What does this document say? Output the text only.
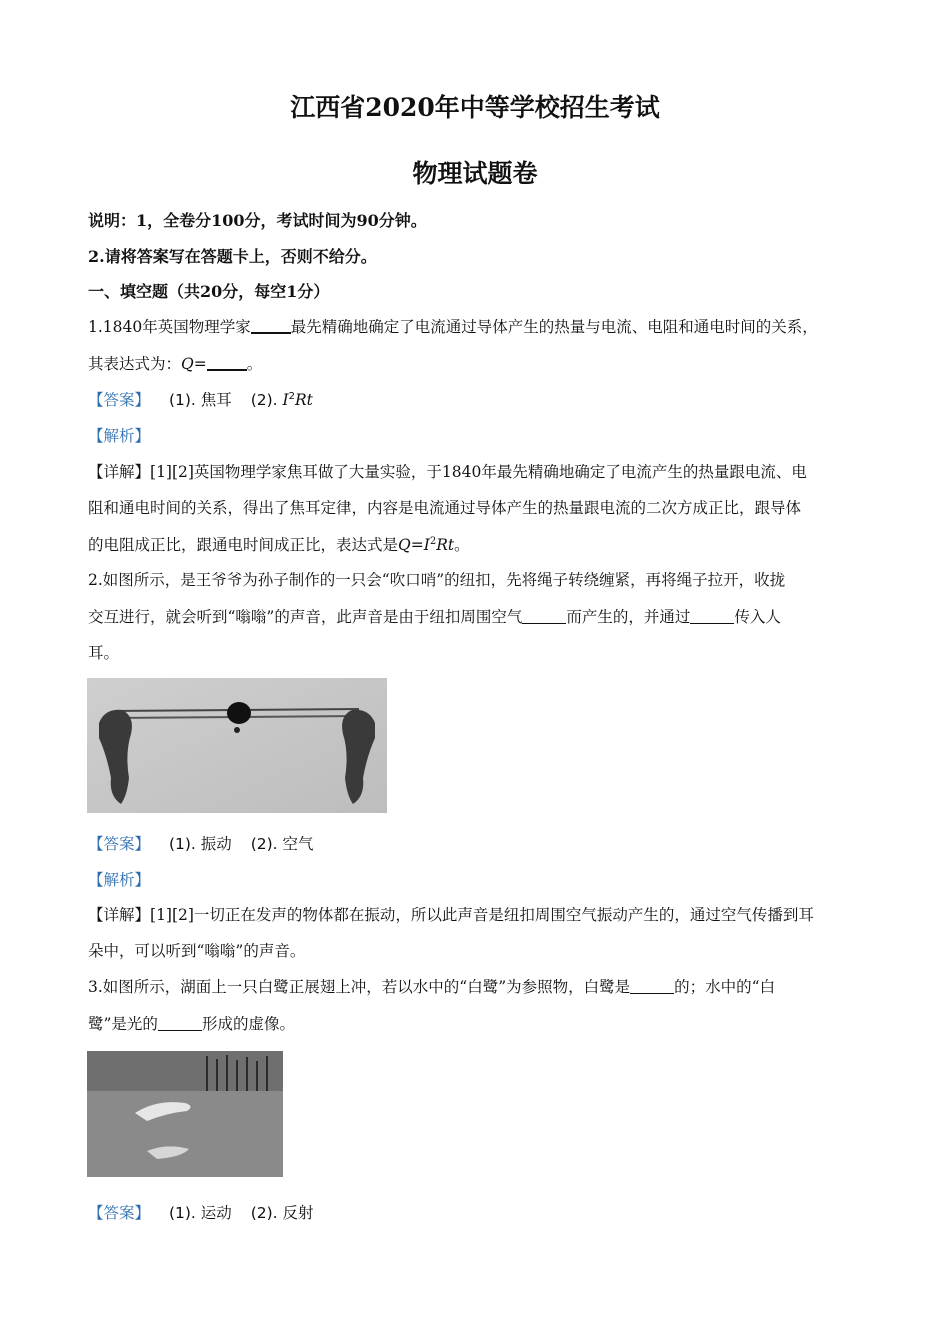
江西省2020年中等学校招生考试
物理试题卷
说明：1，全卷分100分，考试时间为90分钟。
2.请将答案写在答题卡上，否则不给分。
一、填空题（共20分，每空1分）
1.1840年英国物理学家	最先精确地确定了电流通过导体产生的热量与电流、电阻和通电时间的关系，
其表达式为：Q=	。
【答案】 (1). 焦耳 (2). $I^2Rt$
【解析】
【详解】[1][2]英国物理学家焦耳做了大量实验，于1840年最先精确地确定了电流产生的热量跟电流、电
阻和通电时间的关系，得出了焦耳定律，内容是电流通过导体产生的热量跟电流的二次方成正比，跟导体
的电阻成正比，跟通电时间成正比，表达式是$Q=I^2Rt$。
2.如图所示，是王爷爷为孙子制作的一只会“吹口哨”的纽扣，先将绳子转绕缠紧，再将绳子拉开，收拢
交互进行，就会听到“嗡嗡”的声音，此声音是由于纽扣周围空气	而产生的，并通过	传入人
耳。
【答案】 (1). 振动 (2). 空气
【解析】
【详解】[1][2]一切正在发声的物体都在振动，所以此声音是纽扣周围空气振动产生的，通过空气传播到耳
朵中，可以听到“嗡嗡”的声音。
3.如图所示，湖面上一只白鹭正展翅上冲，若以水中的“白鹭”为参照物，白鹭是	的；水中的“白
鹭”是光的	形成的虚像。
【答案】 (1). 运动 (2). 反射
